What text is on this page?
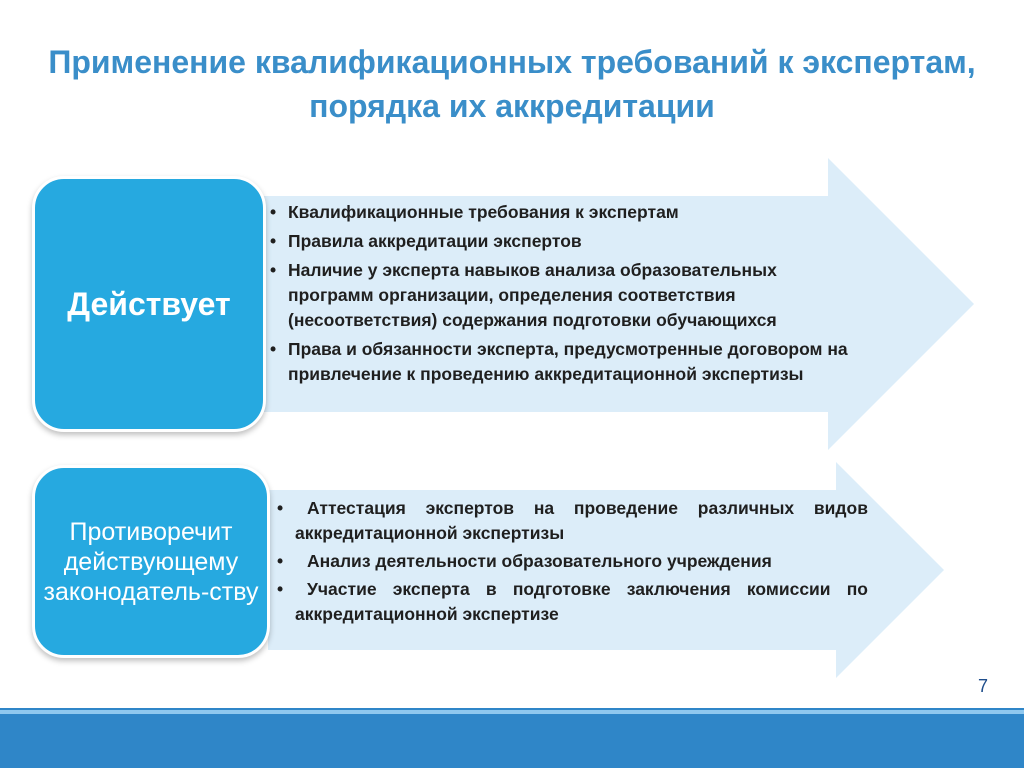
Применение квалификационных требований к экспертам, порядка их аккредитации
Действует
• Квалификационные требования к экспертам
• Правила аккредитации экспертов
• Наличие у эксперта навыков анализа образовательных программ организации, определения соответствия (несоответствия) содержания подготовки обучающихся
• Права и обязанности эксперта, предусмотренные договором на привлечение к проведению аккредитационной экспертизы
Противоречит действующему законодатель-ству
• Аттестация экспертов на проведение различных видов аккредитационной экспертизы
• Анализ деятельности образовательного учреждения
• Участие эксперта в подготовке заключения комиссии по аккредитационной экспертизе
7
